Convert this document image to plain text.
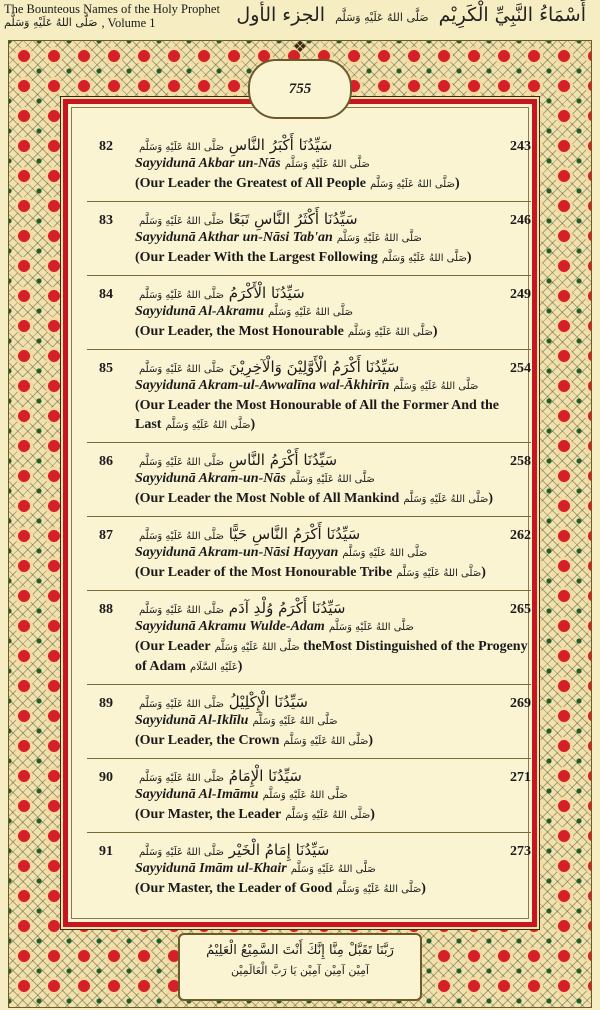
The Bounteous Names of the Holy Prophet
صَلَّى اللهُ عَلَيْهِ وَسَلَّم , Volume 1	أَسْمَاءُ النَّبِيِّ الْكَرِيْم صَلَّى اللهُ عَلَيْهِ وَسَلَّم الجزء الأول
❖
755
82	243
سَيِّدُنَا أَكْبَرُ النَّاسِ صَلَّى اللهُ عَلَيْهِ وَسَلَّم
Sayyidunā Akbar un-Nās صَلَّى اللهُ عَلَيْهِ وَسَلَّم
(Our Leader the Greatest of All People صَلَّى اللهُ عَلَيْهِ وَسَلَّم)
83	246
سَيِّدُنَا أَكْثَرُ النَّاسِ تَبَعًا صَلَّى اللهُ عَلَيْهِ وَسَلَّم
Sayyidunā Akthar un-Nāsi Tab'an صَلَّى اللهُ عَلَيْهِ وَسَلَّم
(Our Leader With the Largest Following صَلَّى اللهُ عَلَيْهِ وَسَلَّم)
84	249
سَيِّدُنَا الْأَكْرَمُ صَلَّى اللهُ عَلَيْهِ وَسَلَّم
Sayyidunā Al-Akramu صَلَّى اللهُ عَلَيْهِ وَسَلَّم
(Our Leader, the Most Honourable صَلَّى اللهُ عَلَيْهِ وَسَلَّم)
85	254
سَيِّدُنَا أَكْرَمُ الْأَوَّلِيْنَ وَالْآخِرِيْنَ صَلَّى اللهُ عَلَيْهِ وَسَلَّم
Sayyidunā Akram-ul-Awwalīna wal-Ākhirīn صَلَّى اللهُ عَلَيْهِ وَسَلَّم
(Our Leader the Most Honourable of All the Former And the Last صَلَّى اللهُ عَلَيْهِ وَسَلَّم)
86	258
سَيِّدُنَا أَكْرَمُ النَّاسِ صَلَّى اللهُ عَلَيْهِ وَسَلَّم
Sayyidunā Akram-un-Nās صَلَّى اللهُ عَلَيْهِ وَسَلَّم
(Our Leader the Most Noble of All Mankind صَلَّى اللهُ عَلَيْهِ وَسَلَّم)
87	262
سَيِّدُنَا أَكْرَمُ النَّاسِ حَيًّا صَلَّى اللهُ عَلَيْهِ وَسَلَّم
Sayyidunā Akram-un-Nāsi Hayyan صَلَّى اللهُ عَلَيْهِ وَسَلَّم
(Our Leader of the Most Honourable Tribe صَلَّى اللهُ عَلَيْهِ وَسَلَّم)
88	265
سَيِّدُنَا أَكْرَمُ وُلْدِ آدَم صَلَّى اللهُ عَلَيْهِ وَسَلَّم
Sayyidunā Akramu Wulde-Adam صَلَّى اللهُ عَلَيْهِ وَسَلَّم
(Our Leader صَلَّى اللهُ عَلَيْهِ وَسَلَّم theMost Distinguished of the Progeny of Adam عَلَيْهِ السَّلَام)
89	269
سَيِّدُنَا الْإِكْلِيْلُ صَلَّى اللهُ عَلَيْهِ وَسَلَّم
Sayyidunā Al-Iklīlu صَلَّى اللهُ عَلَيْهِ وَسَلَّم
(Our Leader, the Crown صَلَّى اللهُ عَلَيْهِ وَسَلَّم)
90	271
سَيِّدُنَا الْإِمَامُ صَلَّى اللهُ عَلَيْهِ وَسَلَّم
Sayyidunā Al-Imāmu صَلَّى اللهُ عَلَيْهِ وَسَلَّم
(Our Master, the Leader صَلَّى اللهُ عَلَيْهِ وَسَلَّم)
91	273
سَيِّدُنَا إِمَامُ الْخَيْر صَلَّى اللهُ عَلَيْهِ وَسَلَّم
Sayyidunā Imām ul-Khair صَلَّى اللهُ عَلَيْهِ وَسَلَّم
(Our Master, the Leader of Good صَلَّى اللهُ عَلَيْهِ وَسَلَّم)
رَبَّنَا تَقَبَّلْ مِنَّا إِنَّكَ أَنْتَ السَّمِيْعُ الْعَلِيْمُ
آمِيْن آمِيْن آمِيْن يَا رَبَّ الْعَالَمِيْن
